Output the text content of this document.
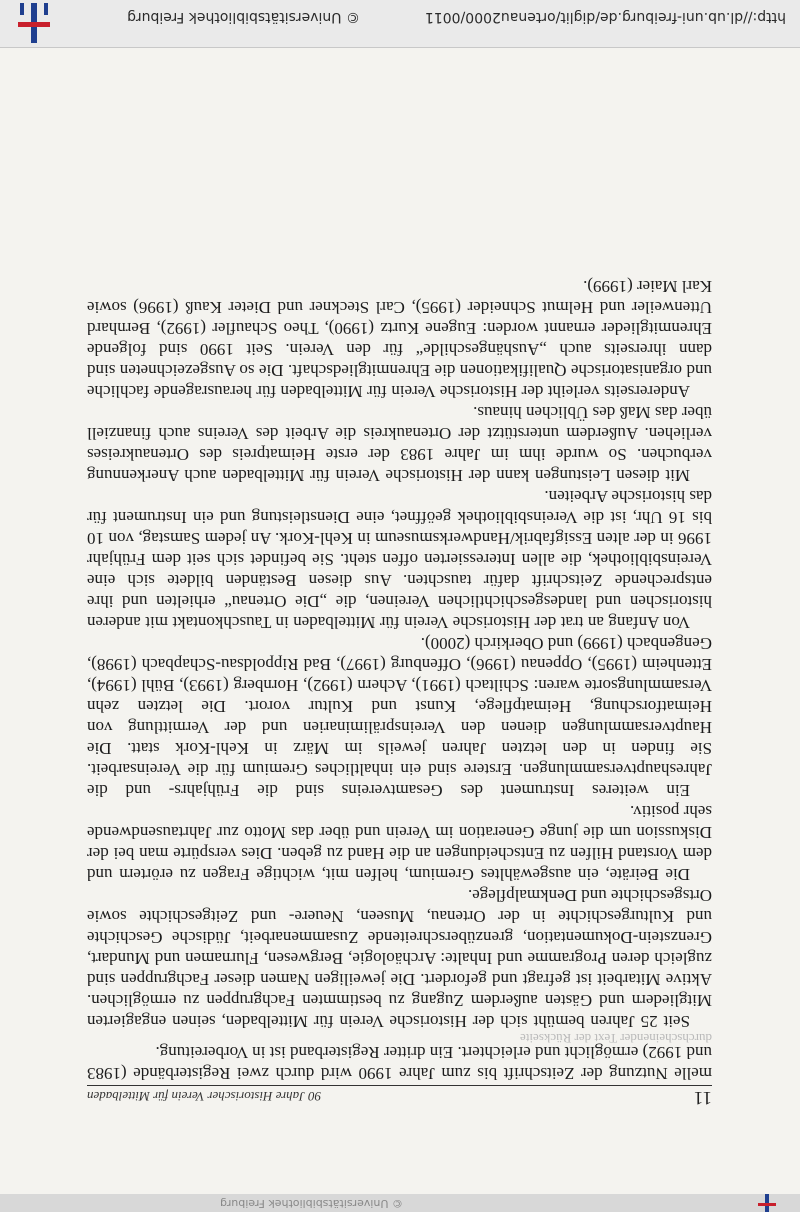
© Universitätsbibliothek Freiburg
11
90 Jahre Historischer Verein für Mittelbaden

melle Nutzung der Zeitschrift bis zum Jahre 1990 wird durch zwei Registerbände (1983 und 1992) ermöglicht und erleichtert. Ein dritter Registerband ist in Vorbereitung.

durchscheinender Text der Rückseite

Seit 25 Jahren bemüht sich der Historische Verein für Mittelbaden, seinen engagierten Mitgliedern und Gästen außerdem Zugang zu bestimmten Fachgruppen zu ermöglichen. Aktive Mitarbeit ist gefragt und gefordert. Die jeweiligen Namen dieser Fachgruppen sind zugleich deren Programme und Inhalte: Archäologie, Bergwesen, Flurnamen und Mundart, Grenzstein-Dokumentation, grenzüberschreitende Zusammenarbeit, Jüdische Geschichte und Kulturgeschichte in der Ortenau, Museen, Neuere- und Zeitgeschichte sowie Ortsgeschichte und Denkmalpflege.

Die Beiräte, ein ausgewähltes Gremium, helfen mit, wichtige Fragen zu erörtern und dem Vorstand Hilfen zu Entscheidungen an die Hand zu geben. Dies verspürte man bei der Diskussion um die junge Generation im Verein und über das Motto zur Jahrtausendwende sehr positiv.

Ein weiteres Instrument des Gesamtvereins sind die Frühjahrs- und die Jahreshauptversammlungen. Erstere sind ein inhaltliches Gremium für die Vereinsarbeit. Sie finden in den letzten Jahren jeweils im März in Kehl-Kork statt. Die Hauptversammlungen dienen den Vereinspräliminarien und der Vermittlung von Heimatforschung, Heimatpflege, Kunst und Kultur vorort. Die letzten zehn Versammlungsorte waren: Schiltach (1991), Achern (1992), Hornberg (1993), Bühl (1994), Ettenheim (1995), Oppenau (1996), Offenburg (1997), Bad Rippoldsau-Schapbach (1998), Gengenbach (1999) und Oberkirch (2000).

Von Anfang an trat der Historische Verein für Mittelbaden in Tauschkontakt mit anderen historischen und landesgeschichtlichen Vereinen, die „Die Ortenau“ erhielten und ihre entsprechende Zeitschrift dafür tauschten. Aus diesen Beständen bildete sich eine Vereinsbibliothek, die allen Interessierten offen steht. Sie befindet sich seit dem Frühjahr 1996 in der alten Essigfabrik/Handwerksmuseum in Kehl-Kork. An jedem Samstag, von 10 bis 16 Uhr, ist die Vereinsbibliothek geöffnet, eine Dienstleistung und ein Instrument für das historische Arbeiten.

Mit diesen Leistungen kann der Historische Verein für Mittelbaden auch Anerkennung verbuchen. So wurde ihm im Jahre 1983 der erste Heimatpreis des Ortenaukreises verliehen. Außerdem unterstützt der Ortenaukreis die Arbeit des Vereins auch finanziell über das Maß des Üblichen hinaus.

Andererseits verleiht der Historische Verein für Mittelbaden für herausragende fachliche und organisatorische Qualifikationen die Ehrenmitgliedschaft. Die so Ausgezeichneten sind dann ihrerseits auch „Aushängeschilde“ für den Verein. Seit 1990 sind folgende Ehrenmitglieder ernannt worden: Eugene Kurtz (1990), Theo Schaufler (1992), Bernhard Uttenweiler und Helmut Schneider (1995), Carl Steckner und Dieter Kauß (1996) sowie Karl Maier (1999).

http://dl.ub.uni-freiburg.de/diglit/ortenau2000/0011
© Universitätsbibliothek Freiburg
